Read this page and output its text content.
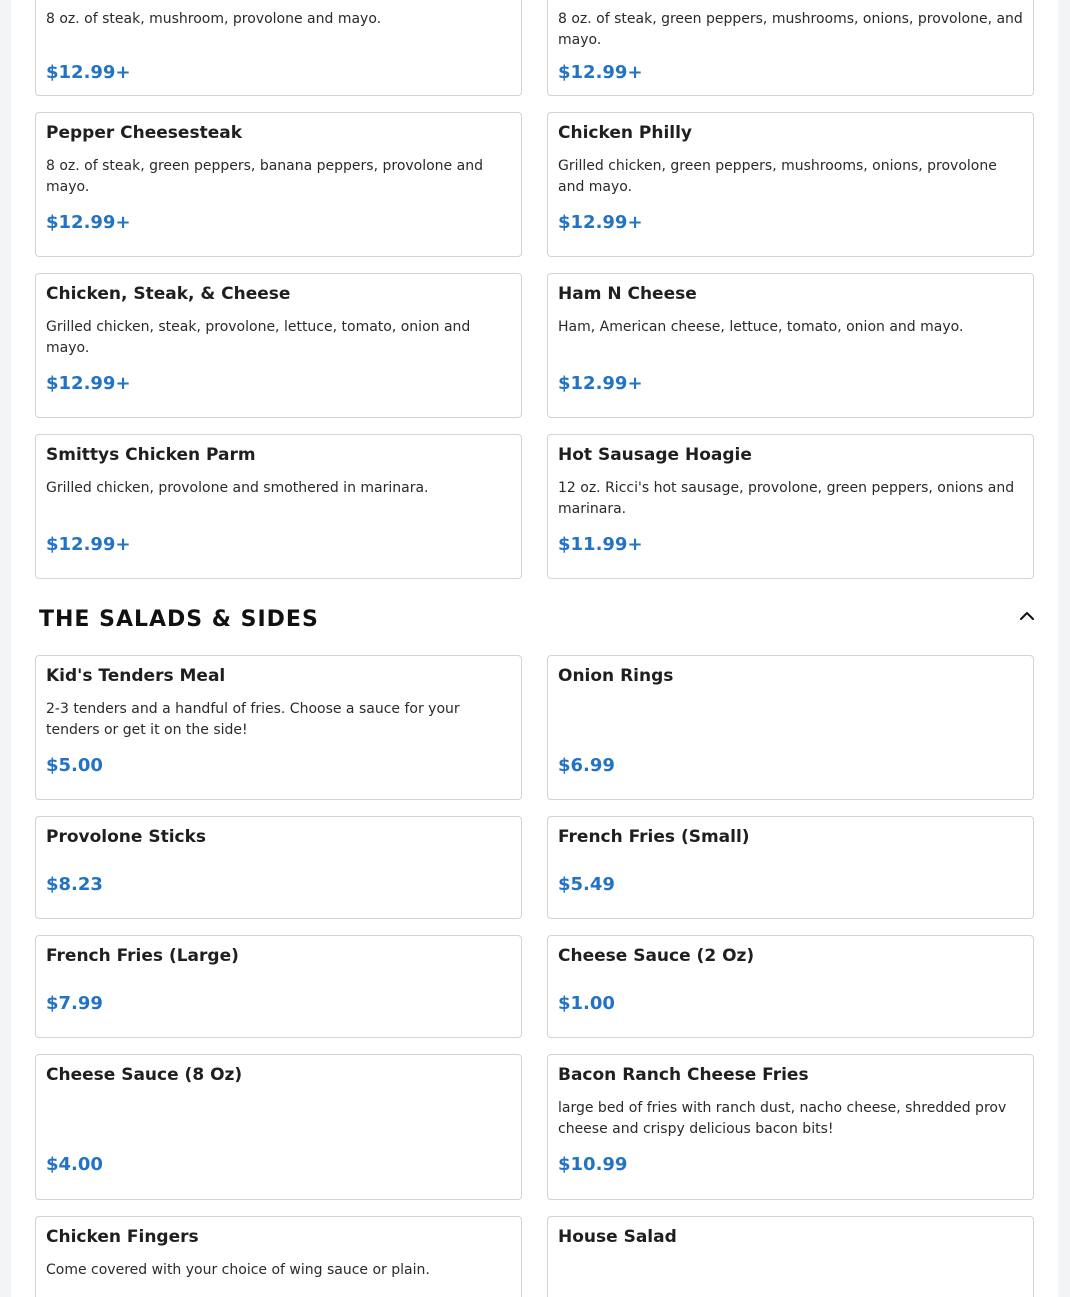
8 oz. of steak, mushroom, provolone and mayo.
$12.99+
8 oz. of steak, green peppers, mushrooms, onions, provolone, and mayo.
$12.99+
Pepper Cheesesteak
8 oz. of steak, green peppers, banana peppers, provolone and mayo.
$12.99+
Chicken Philly
Grilled chicken, green peppers, mushrooms, onions, provolone and mayo.
$12.99+
Chicken, Steak, & Cheese
Grilled chicken, steak, provolone, lettuce, tomato, onion and mayo.
$12.99+
Ham N Cheese
Ham, American cheese, lettuce, tomato, onion and mayo.
$12.99+
Smittys Chicken Parm
Grilled chicken, provolone and smothered in marinara.
$12.99+
Hot Sausage Hoagie
12 oz. Ricci's hot sausage, provolone, green peppers, onions and marinara.
$11.99+
THE SALADS & SIDES
Kid's Tenders Meal
2-3 tenders and a handful of fries. Choose a sauce for your tenders or get it on the side!
$5.00
Onion Rings
$6.99
Provolone Sticks
$8.23
French Fries (Small)
$5.49
French Fries (Large)
$7.99
Cheese Sauce (2 Oz)
$1.00
Cheese Sauce (8 Oz)
$4.00
Bacon Ranch Cheese Fries
large bed of fries with ranch dust, nacho cheese, shredded prov cheese and crispy delicious bacon bits!
$10.99
Chicken Fingers
Come covered with your choice of wing sauce or plain.
House Salad
